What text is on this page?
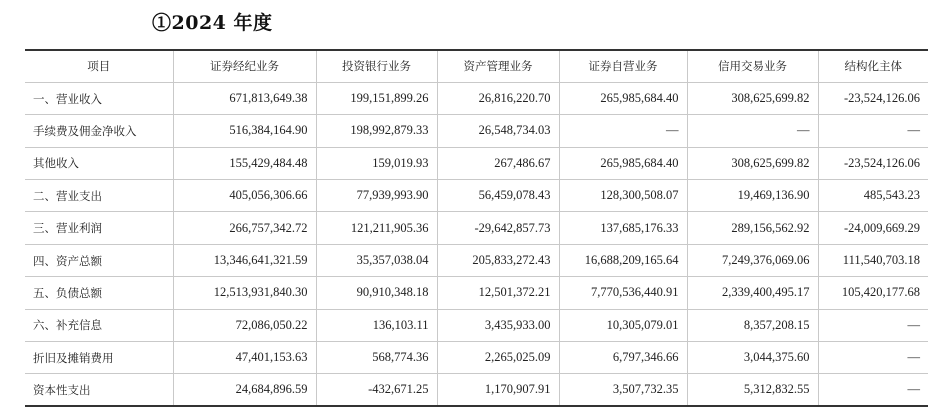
①2024 年度
项目	证券经纪业务	投资银行业务	资产管理业务	证券自营业务	信用交易业务	结构化主体
一、营业收入	671,813,649.38	199,151,899.26	26,816,220.70	265,985,684.40	308,625,699.82	-23,524,126.06
手续费及佣金净收入	516,384,164.90	198,992,879.33	26,548,734.03	—	—	—
其他收入	155,429,484.48	159,019.93	267,486.67	265,985,684.40	308,625,699.82	-23,524,126.06
二、营业支出	405,056,306.66	77,939,993.90	56,459,078.43	128,300,508.07	19,469,136.90	485,543.23
三、营业利润	266,757,342.72	121,211,905.36	-29,642,857.73	137,685,176.33	289,156,562.92	-24,009,669.29
四、资产总额	13,346,641,321.59	35,357,038.04	205,833,272.43	16,688,209,165.64	7,249,376,069.06	111,540,703.18
五、负债总额	12,513,931,840.30	90,910,348.18	12,501,372.21	7,770,536,440.91	2,339,400,495.17	105,420,177.68
六、补充信息	72,086,050.22	136,103.11	3,435,933.00	10,305,079.01	8,357,208.15	—
折旧及摊销费用	47,401,153.63	568,774.36	2,265,025.09	6,797,346.66	3,044,375.60	—
资本性支出	24,684,896.59	-432,671.25	1,170,907.91	3,507,732.35	5,312,832.55	—
